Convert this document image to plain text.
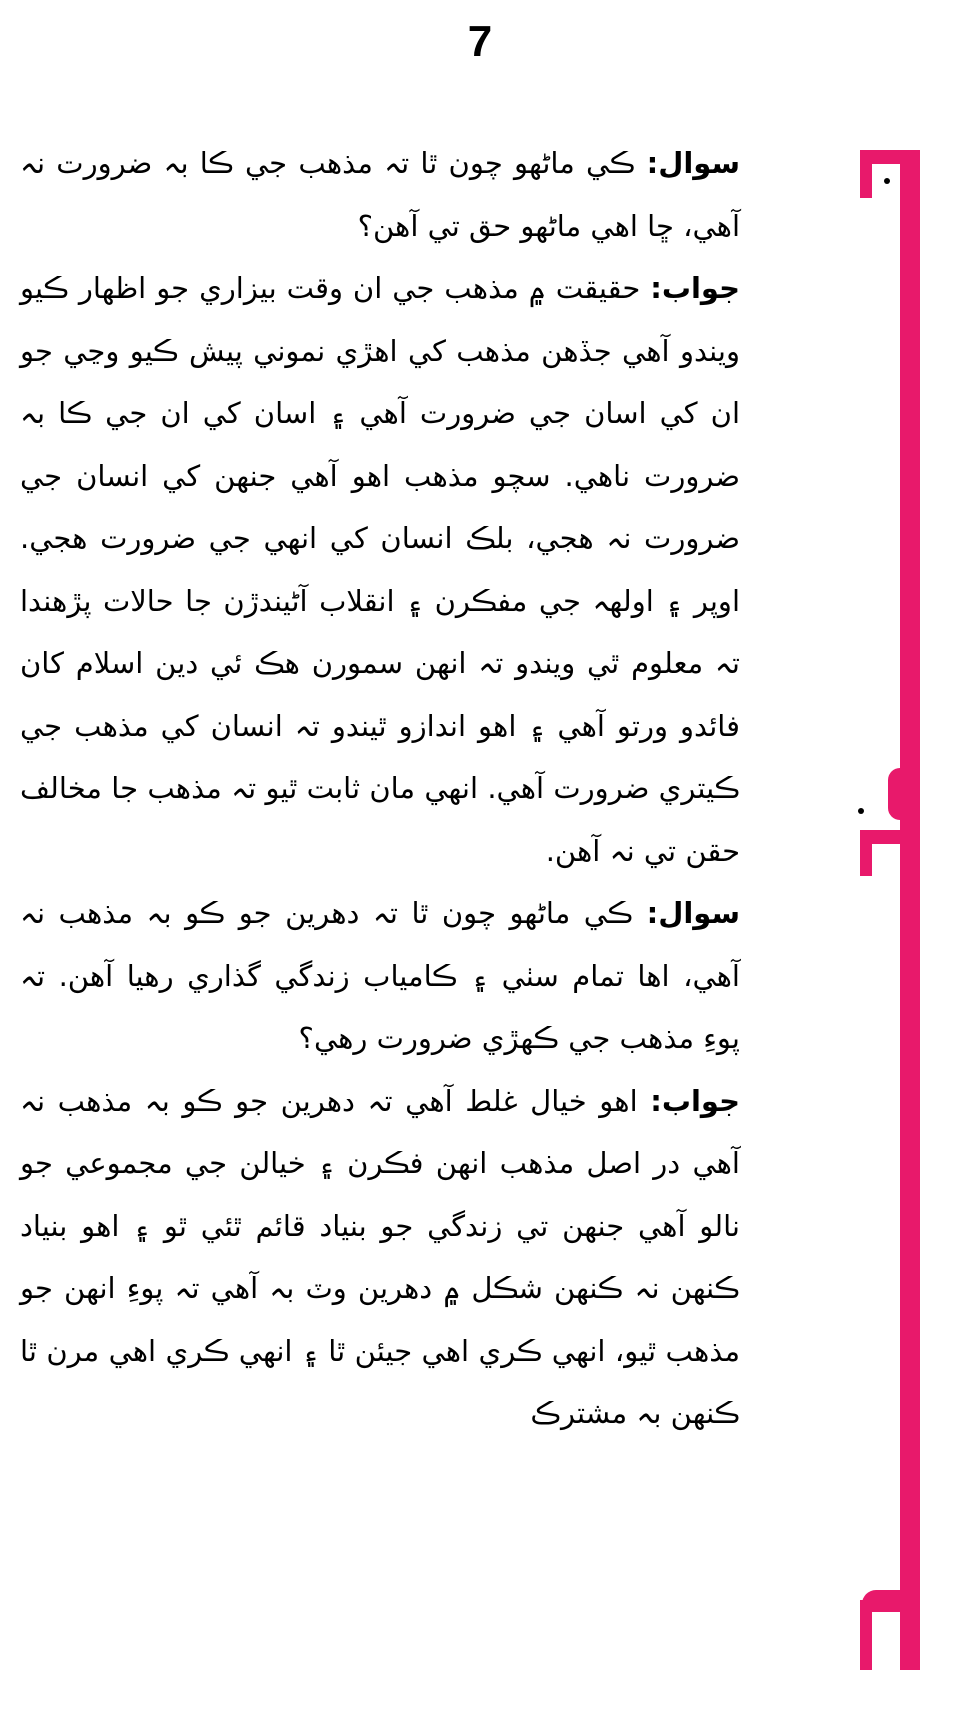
7

سوال: ڪي ماڻهو چون ٿا تہ مذهب جي ڪا بہ ضرورت نہ آهي، ڇا اهي ماڻهو حق تي آهن؟

جواب: حقيقت ۾ مذهب جي ان وقت بيزاري جو اظهار ڪيو ويندو آهي جڏهن مذهب کي اهڙي نموني پيش ڪيو وڃي جو ان کي اسان جي ضرورت آهي ۽ اسان کي ان جي ڪا بہ ضرورت ناهي. سچو مذهب اهو آهي جنهن کي انسان جي ضرورت نہ هجي، بلڪ انسان کي انهي جي ضرورت هجي. اوپر ۽ اولهہ جي مفڪرن ۽ انقلاب آڻيندڙن جا حالات پڙهندا تہ معلوم ٿي ويندو تہ انهن سمورن هڪ ئي دين اسلام کان فائدو ورتو آهي ۽ اهو اندازو ٿيندو تہ انسان کي مذهب جي ڪيتري ضرورت آهي. انهي مان ثابت ٿيو تہ مذهب جا مخالف حقن تي نہ آهن.

سوال: ڪي ماڻهو چون ٿا تہ دهرين جو ڪو بہ مذهب نہ آهي، اها تمام سٺي ۽ ڪامياب زندگي گذاري رهيا آهن. تہ پوءِ مذهب جي ڪهڙي ضرورت رهي؟

جواب: اهو خيال غلط آهي تہ دهرين جو ڪو بہ مذهب نہ آهي در اصل مذهب انهن فڪرن ۽ خيالن جي مجموعي جو نالو آهي جنهن تي زندگي جو بنياد قائم ٿئي ٿو ۽ اهو بنياد ڪنهن نہ ڪنهن شڪل ۾ دهرين وٽ بہ آهي تہ پوءِ انهن جو مذهب ٿيو، انهي ڪري اهي جيئن ٿا ۽ انهي ڪري اهي مرن ٿا ڪنهن بہ مشترڪ
